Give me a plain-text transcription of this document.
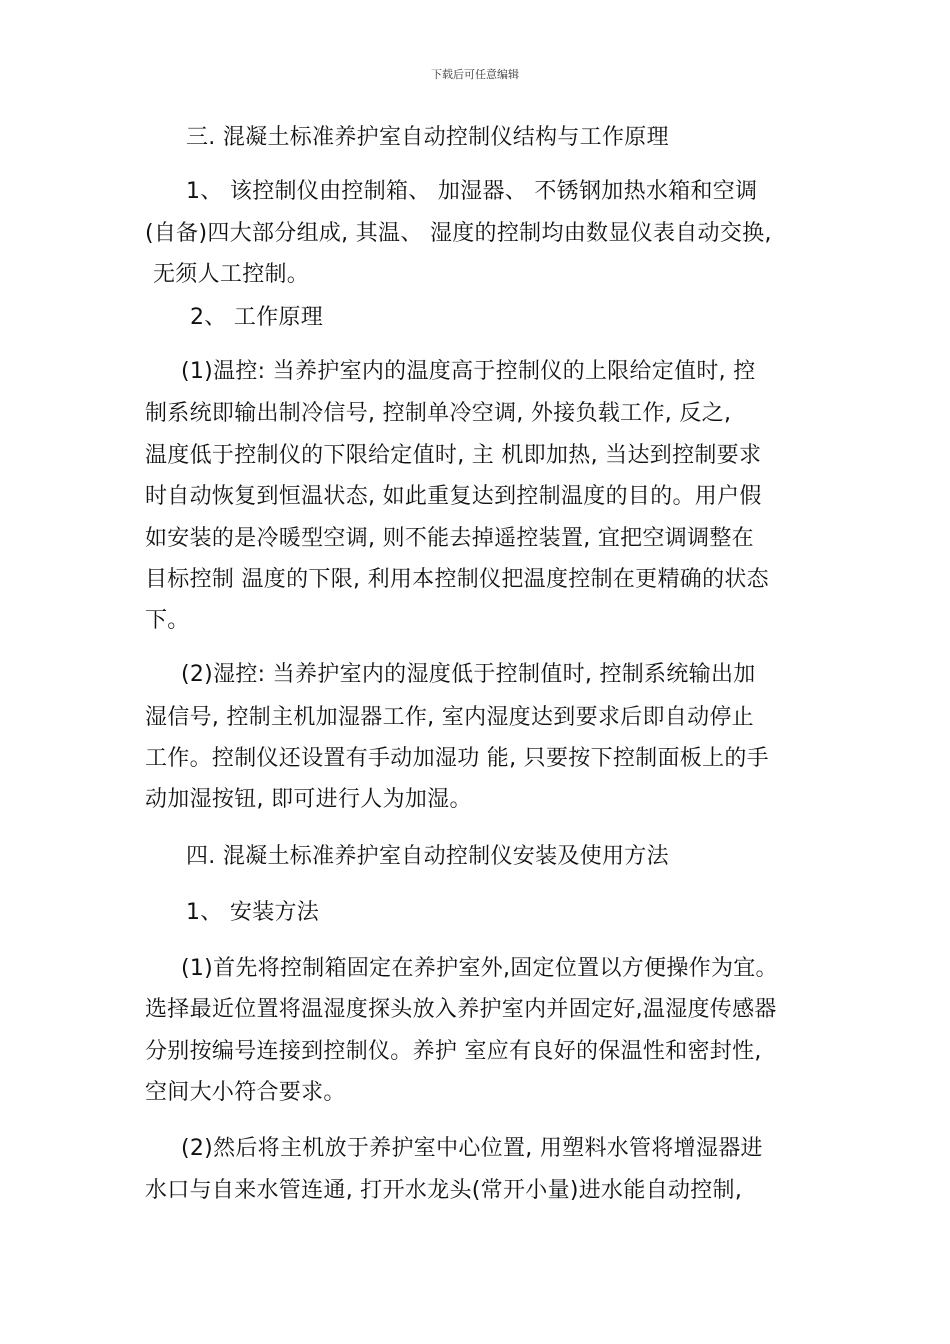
下载后可任意编辑
三. 混凝土标准养护室自动控制仪结构与工作原理
1、 该控制仪由控制箱、 加湿器、 不锈钢加热水箱和空调
(自备)四大部分组成, 其温、 湿度的控制均由数显仪表自动交换,
无须人工控制。
2、 工作原理
(1)温控: 当养护室内的温度高于控制仪的上限给定值时, 控
制系统即输出制冷信号, 控制单冷空调, 外接负载工作, 反之,
温度低于控制仪的下限给定值时, 主 机即加热, 当达到控制要求
时自动恢复到恒温状态, 如此重复达到控制温度的目的。用户假
如安装的是冷暖型空调, 则不能去掉遥控装置, 宜把空调调整在
目标控制 温度的下限, 利用本控制仪把温度控制在更精确的状态
下。
(2)湿控: 当养护室内的湿度低于控制值时, 控制系统输出加
湿信号, 控制主机加湿器工作, 室内湿度达到要求后即自动停止
工作。控制仪还设置有手动加湿功 能, 只要按下控制面板上的手
动加湿按钮, 即可进行人为加湿。
四. 混凝土标准养护室自动控制仪安装及使用方法
1、 安装方法
(1)首先将控制箱固定在养护室外,固定位置以方便操作为宜。
选择最近位置将温湿度探头放入养护室内并固定好,温湿度传感器
分别按编号连接到控制仪。养护 室应有良好的保温性和密封性,
空间大小符合要求。
(2)然后将主机放于养护室中心位置, 用塑料水管将增湿器进
水口与自来水管连通, 打开水龙头(常开小量)进水能自动控制,
